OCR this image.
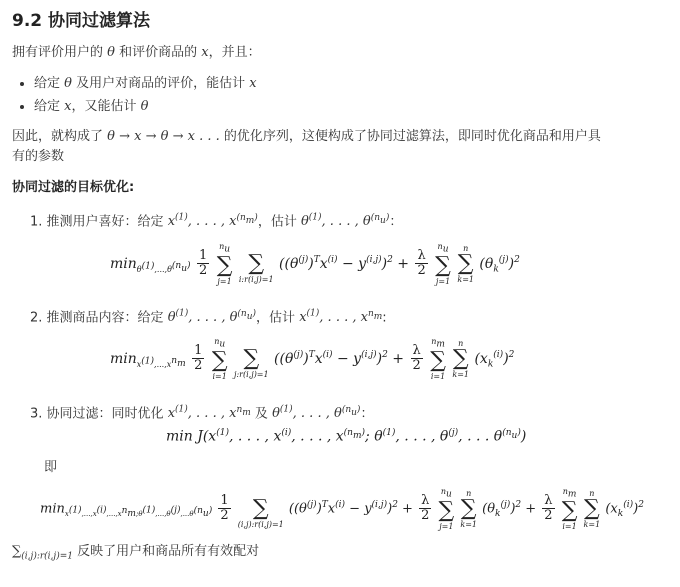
9.2 协同过滤算法
拥有评价用户的 θ 和评价商品的 x，并且：
• 给定 θ 及用户对商品的评价，能估计 x
• 给定 x，又能估计 θ
因此，就构成了 θ → x → θ → x . . . 的优化序列，这便构成了协同过滤算法，即同时优化商品和用户具
有的参数
协同过滤的目标优化:
1. 推测用户喜好：给定 $x^{(1)}$, . . . , $x^{(n_m)}$，估计 $\theta^{(1)}$, . . . , $\theta^{(n_u)}$：
$\min_{\theta^{(1)},...,\theta^{(n_u)}} \frac{1}{2}$

$n_u$
∑
j=1

∑
i:r(i,j)=1
$((\theta^{(j)})^Tx^{(i)} - y^{(i,j)})^2 + \frac{\lambda}{2}$

$n_u$
∑
j=1

n
∑
k=1
$(\theta_k^{(j)})^2$
2. 推测商品内容：给定 $\theta^{(1)}$, . . . , $\theta^{(n_u)}$，估计 $x^{(1)}$, . . . , $x^{n_m}$:
$\min_{x^{(1)},...,x^{n_m}} \frac{1}{2}$

$n_u$
∑
i=1

∑
j:r(i,j)=1
$((\theta^{(j)})^Tx^{(i)} - y^{(i,j)})^2 + \frac{\lambda}{2}$

$n_m$
∑
i=1

n
∑
k=1
$(x_k^{(i)})^2$
3. 协同过滤：同时优化 $x^{(1)}$, . . . , $x^{n_m}$ 及 $\theta^{(1)}$, . . . , $\theta^{(n_u)}$：
$\min J(x^{(1)}$, . . . , $x^{(i)}$, . . . , $x^{(n_m)}$; $\theta^{(1)}$, . . . , $\theta^{(j)}$, . . . $\theta^{(n_u)}$)
即
$\min_{x^{(1)},...,x^{(i)},...,x^{n_m};\theta^{(1)},...,\theta^{(j)},...\theta^{(n_u)}} \frac{1}{2}$

	∑
(i,j):r(i,j)=1
$((\theta^{(j)})^Tx^{(i)} - y^{(i,j)})^2 + \frac{\lambda}{2}$

$n_u$
∑
j=1

n
∑
k=1
$(\theta_k^{(j)})^2 + \frac{\lambda}{2}$

$n_m$
∑
i=1

n
∑
k=1
$(x_k^{(i)})^2$
$\sum_{(i,j):r(i,j)=1}$ 反映了用户和商品所有有效配对
